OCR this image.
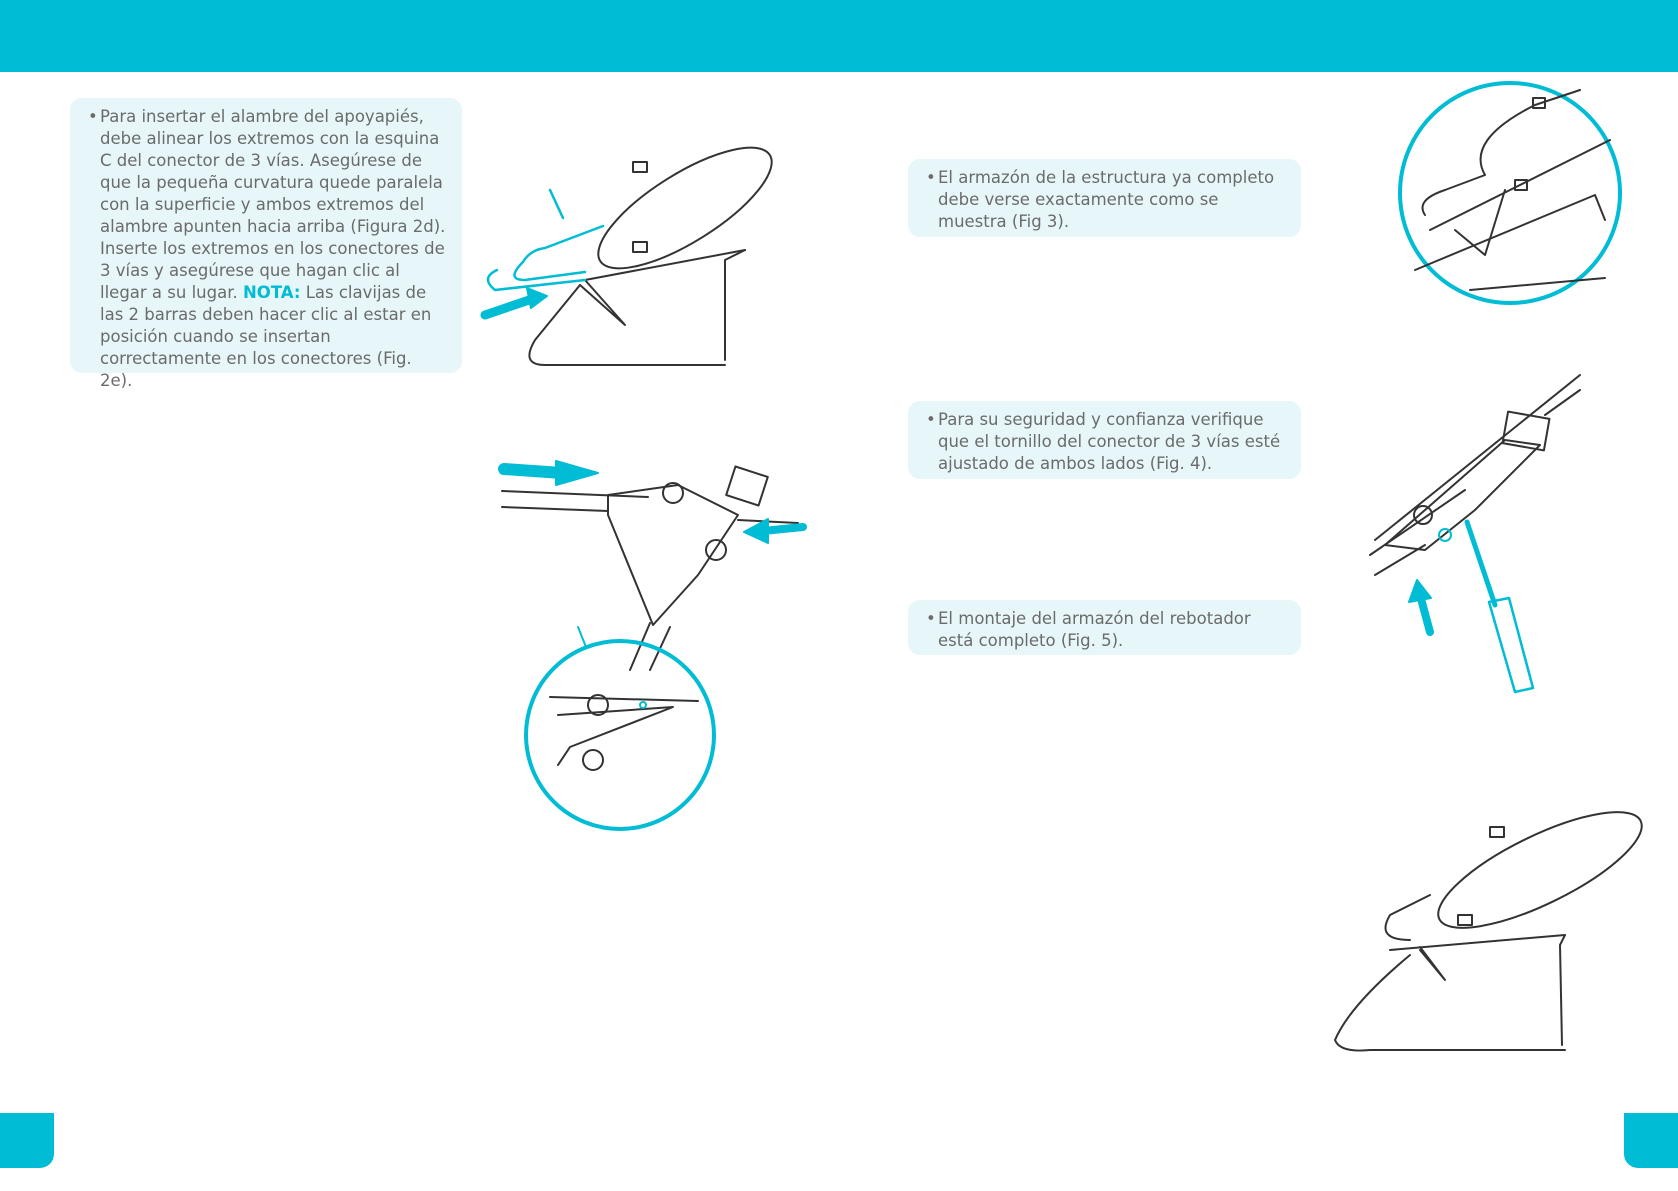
• Para insertar el alambre del apoyapiés, debe alinear los extremos con la esquina C del conector de 3 vías. Asegúrese de que la pequeña curvatura quede paralela con la superficie y ambos extremos del alambre apunten hacia arriba (Figura 2d). Inserte los extremos en los conectores de 3 vías y asegúrese que hagan clic al llegar a su lugar. NOTA: Las clavijas de las 2 barras deben hacer clic al estar en posición cuando se insertan correctamente en los conectores (Fig. 2e).
• El armazón de la estructura ya completo debe verse exactamente como se muestra (Fig 3).
• Para su seguridad y confianza verifique que el tornillo del conector de 3 vías esté ajustado de ambos lados (Fig. 4).
• El montaje del armazón del rebotador está completo (Fig. 5).
